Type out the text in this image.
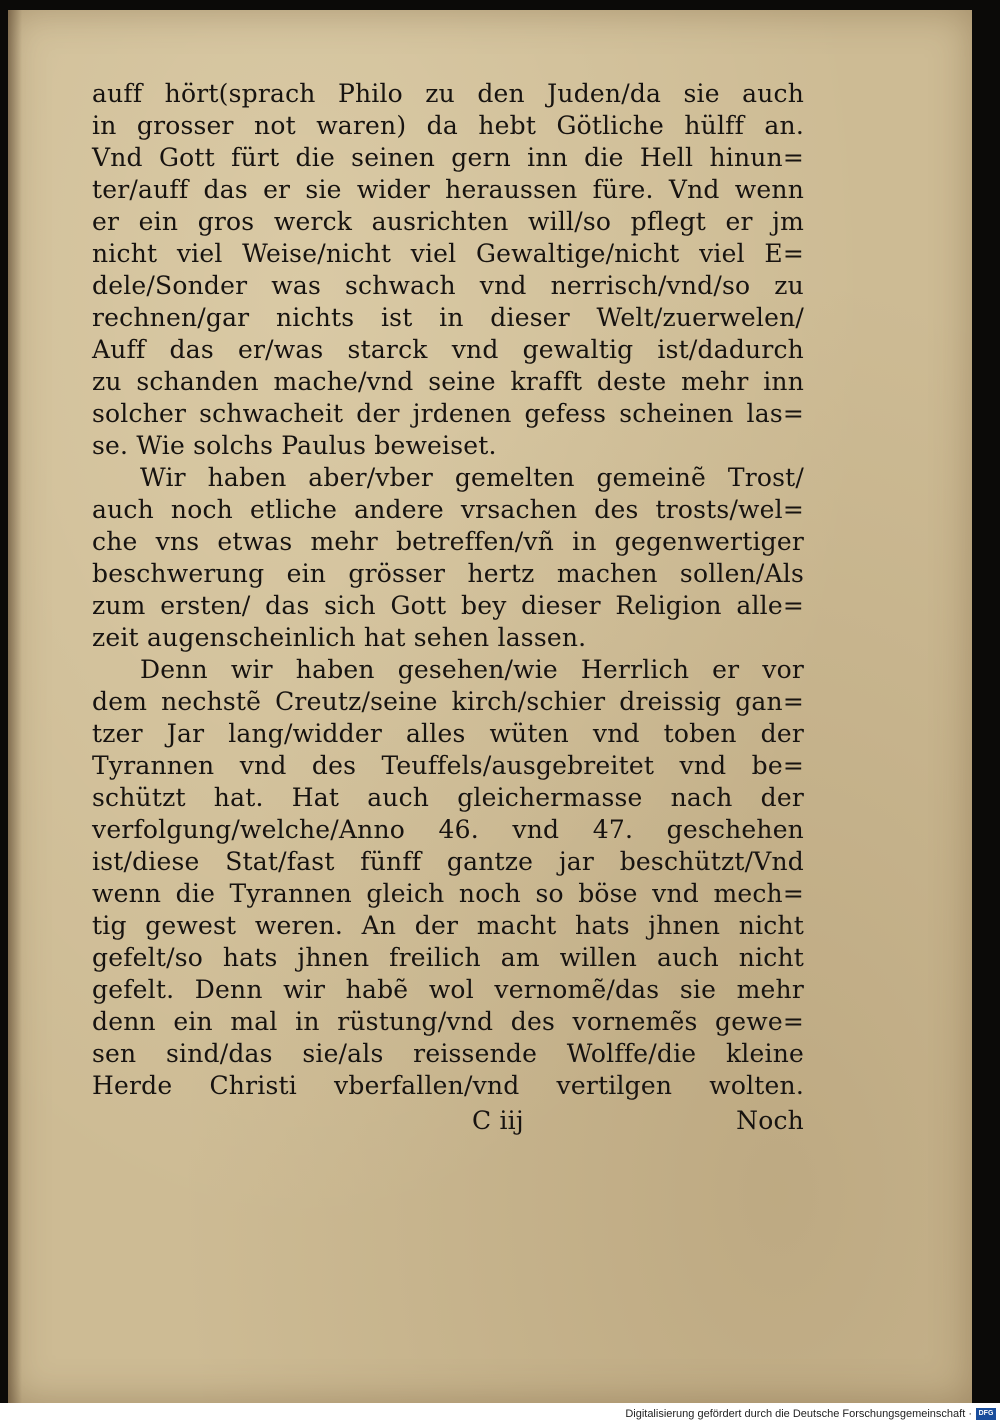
auff hört(sprach Philo zu den Juden/da sie auch
in grosser not waren) da hebt Götliche hülff an.
Vnd Gott fürt die seinen gern inn die Hell hinun=
ter/auff das er sie wider heraussen füre. Vnd wenn
er ein gros werck ausrichten will/so pflegt er jm
nicht viel Weise/nicht viel Gewaltige/nicht viel E=
dele/Sonder was schwach vnd nerrisch/vnd/so zu
rechnen/gar nichts ist in dieser Welt/zuerwelen/
Auff das er/was starck vnd gewaltig ist/dadurch
zu schanden mache/vnd seine krafft deste mehr inn
solcher schwacheit der jrdenen gefess scheinen las=
se. Wie solchs Paulus beweiset.
Wir haben aber/vber gemelten gemeinẽ Trost/
auch noch etliche andere vrsachen des trosts/wel=
che vns etwas mehr betreffen/vñ in gegenwertiger
beschwerung ein grösser hertz machen sollen/Als
zum ersten/ das sich Gott bey dieser Religion alle=
zeit augenscheinlich hat sehen lassen.
Denn wir haben gesehen/wie Herrlich er vor
dem nechstẽ Creutz/seine kirch/schier dreissig gan=
tzer Jar lang/widder alles wüten vnd toben der
Tyrannen vnd des Teuffels/ausgebreitet vnd be=
schützt hat. Hat auch gleichermasse nach der
verfolgung/welche/Anno 46. vnd 47. geschehen
ist/diese Stat/fast fünff gantze jar beschützt/Vnd
wenn die Tyrannen gleich noch so böse vnd mech=
tig gewest weren. An der macht hats jhnen nicht
gefelt/so hats jhnen freilich am willen auch nicht
gefelt. Denn wir habẽ wol vernomẽ/das sie mehr
denn ein mal in rüstung/vnd des vornemẽs gewe=
sen sind/das sie/als reissende Wolffe/die kleine
Herde Christi vberfallen/vnd vertilgen wolten.
C iij	Noch
Digitalisierung gefördert durch die Deutsche Forschungsgemeinschaft · DFG
